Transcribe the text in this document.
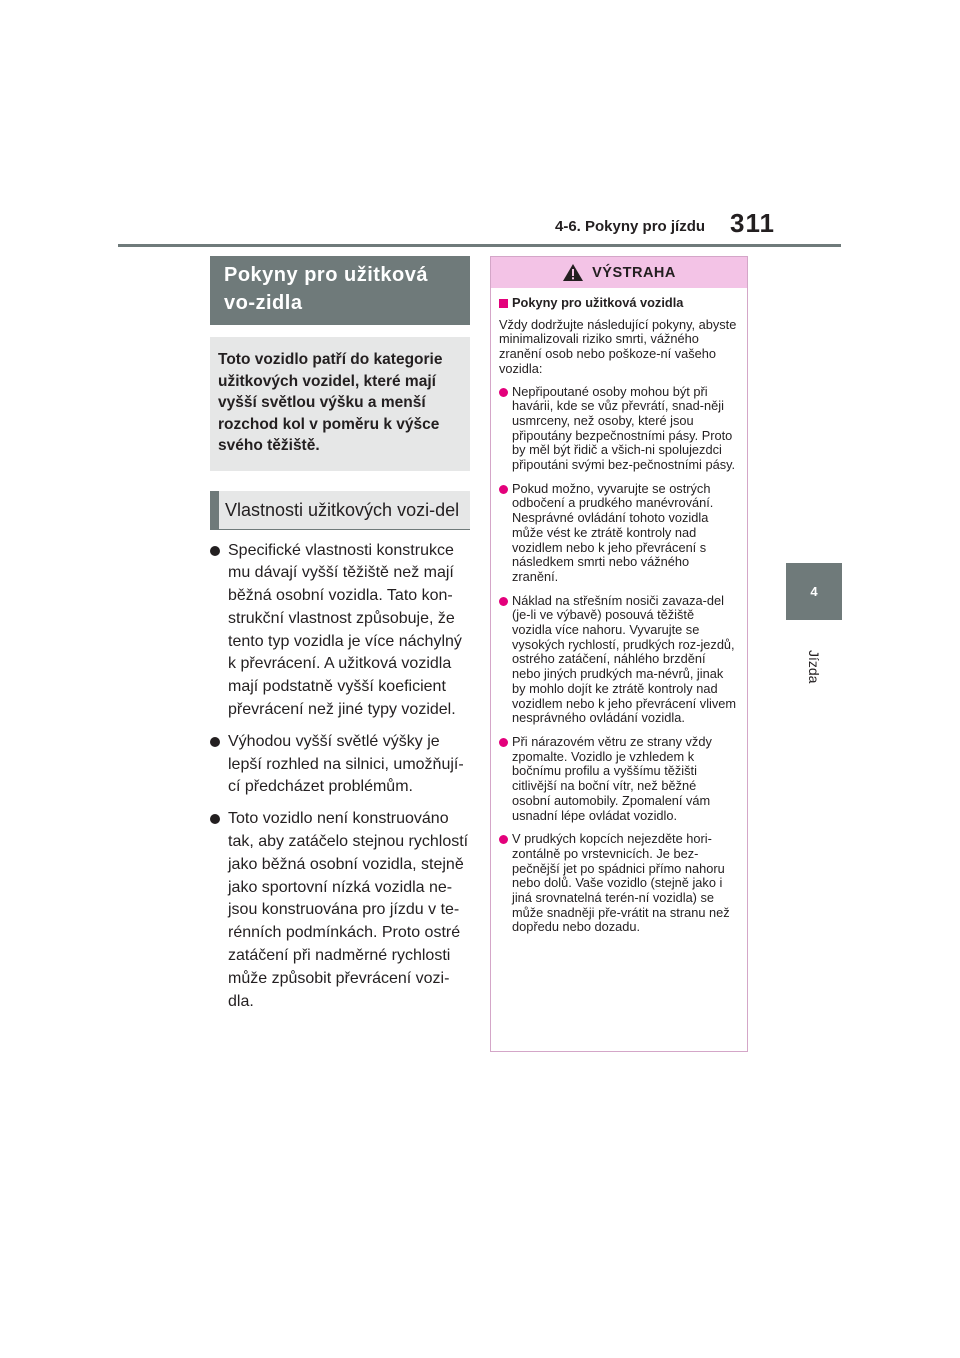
4-6. Pokyny pro jízdu 311
4
Jízda
Pokyny pro užitková vo-zidla
Toto vozidlo patří do kategorie užitkových vozidel, které mají vyšší světlou výšku a menší rozchod kol v poměru k výšce svého těžiště.
Vlastnosti užitkových vozi-del
Specifické vlastnosti konstrukce mu dávají vyšší těžiště než mají běžná osobní vozidla. Tato kon-strukční vlastnost způsobuje, že tento typ vozidla je více náchylný k převrácení. A užitková vozidla mají podstatně vyšší koeficient převrácení než jiné typy vozidel.
Výhodou vyšší světlé výšky je lepší rozhled na silnici, umožňují-cí předcházet problémům.
Toto vozidlo není konstruováno tak, aby zatáčelo stejnou rychlostí jako běžná osobní vozidla, stejně jako sportovní nízká vozidla ne-jsou konstruována pro jízdu v te-rénních podmínkách. Proto ostré zatáčení při nadměrné rychlosti může způsobit převrácení vozi-dla.
VÝSTRAHA
Pokyny pro užitková vozidla
Vždy dodržujte následující pokyny, abyste minimalizovali riziko smrti, vážného zranění osob nebo poškoze-ní vašeho vozidla:
Nepřipoutané osoby mohou být při havárii, kde se vůz převrátí, snad-něji usmrceny, než osoby, které jsou připoutány bezpečnostními pásy. Proto by měl být řidič a všich-ni spolujezdci připoutáni svými bez-pečnostními pásy.
Pokud možno, vyvarujte se ostrých odbočení a prudkého manévrování. Nesprávné ovládání tohoto vozidla může vést ke ztrátě kontroly nad vozidlem nebo k jeho převrácení s následkem smrti nebo vážného zranění.
Náklad na střešním nosiči zavaza-del (je-li ve výbavě) posouvá těžiště vozidla více nahoru. Vyvarujte se vysokých rychlostí, prudkých roz-jezdů, ostrého zatáčení, náhlého brzdění nebo jiných prudkých ma-névrů, jinak by mohlo dojít ke ztrátě kontroly nad vozidlem nebo k jeho převrácení vlivem nesprávného ovládání vozidla.
Při nárazovém větru ze strany vždy zpomalte. Vozidlo je vzhledem k bočnímu profilu a vyššímu těžišti citlivější na boční vítr, než běžné osobní automobily. Zpomalení vám usnadní lépe ovládat vozidlo.
V prudkých kopcích nejezděte hori-zontálně po vrstevnicích. Je bez-pečnější jet po spádnici přímo nahoru nebo dolů. Vaše vozidlo (stejně jako i jiná srovnatelná terén-ní vozidla) se může snadněji pře-vrátit na stranu než dopředu nebo dozadu.
